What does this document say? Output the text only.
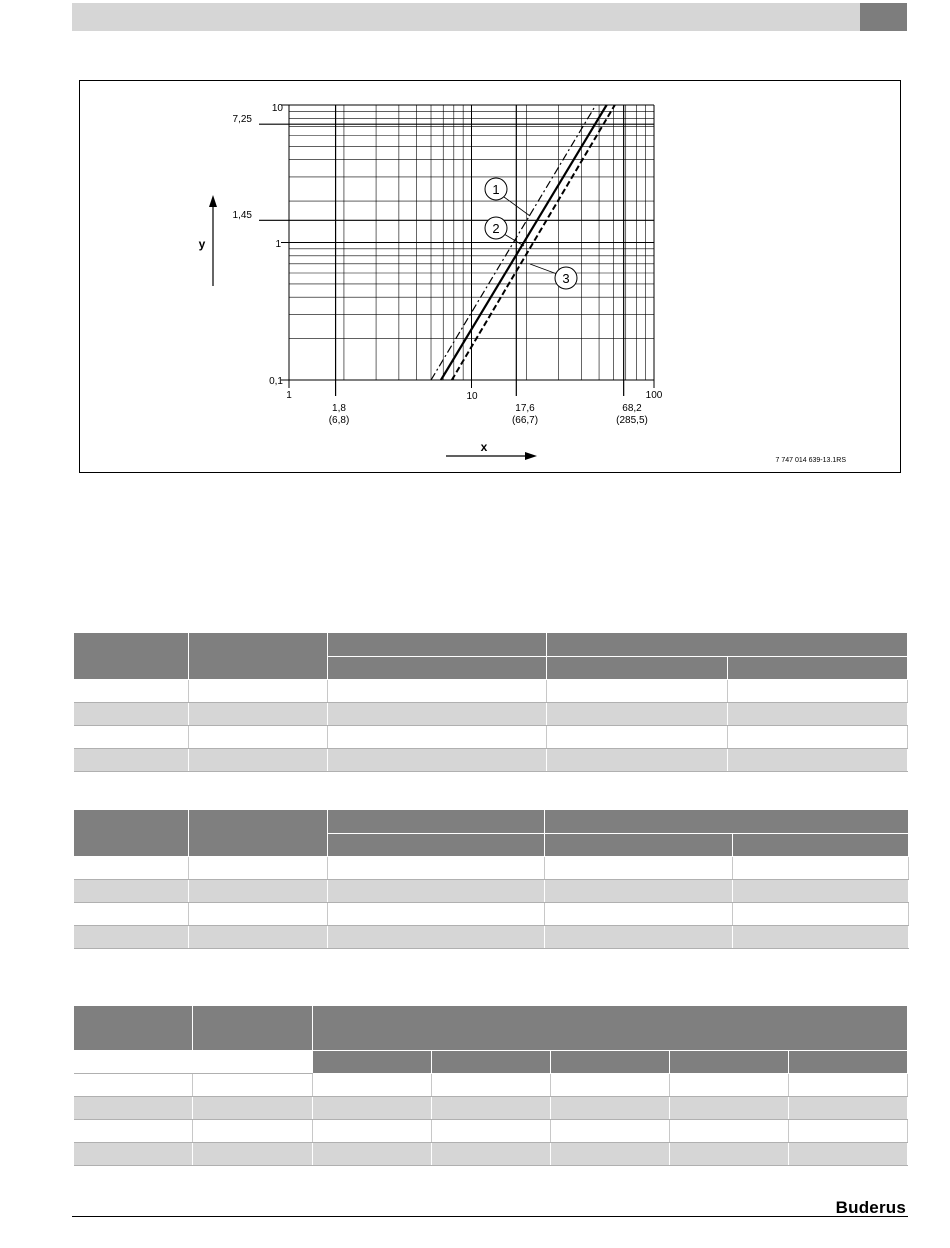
y
x
10
1
0,1
7,25
1,45
1	10	100
1,8
(6,8)
17,6
(66,7)
68,2
(285,5)
1
2
3
7 747 014 639-13.1RS

Buderus
